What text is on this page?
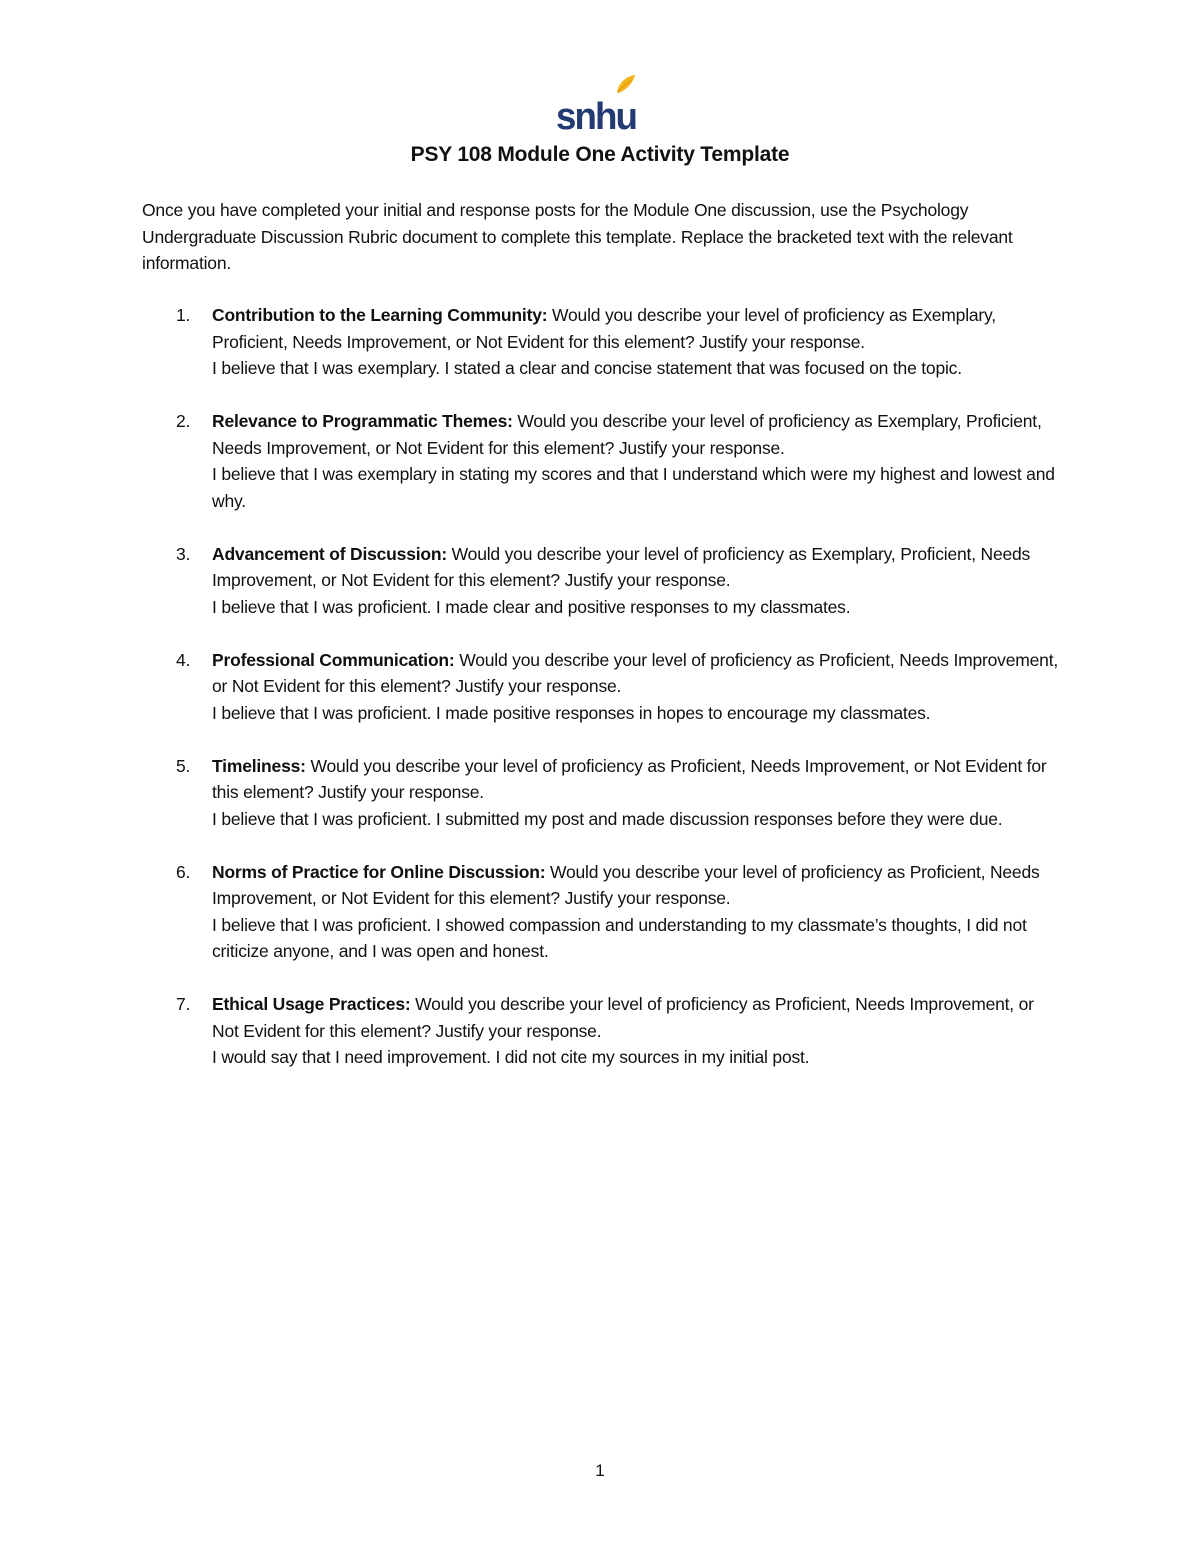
snhu
PSY 108 Module One Activity Template
Once you have completed your initial and response posts for the Module One discussion, use the Psychology Undergraduate Discussion Rubric document to complete this template. Replace the bracketed text with the relevant information.
1.	Contribution to the Learning Community: Would you describe your level of proficiency as Exemplary, Proficient, Needs Improvement, or Not Evident for this element? Justify your response.
I believe that I was exemplary. I stated a clear and concise statement that was focused on the topic.
2.	Relevance to Programmatic Themes: Would you describe your level of proficiency as Exemplary, Proficient, Needs Improvement, or Not Evident for this element? Justify your response.
I believe that I was exemplary in stating my scores and that I understand which were my highest and lowest and why.
3.	Advancement of Discussion: Would you describe your level of proficiency as Exemplary, Proficient, Needs Improvement, or Not Evident for this element? Justify your response.
I believe that I was proficient. I made clear and positive responses to my classmates.
4.	Professional Communication: Would you describe your level of proficiency as Proficient, Needs Improvement, or Not Evident for this element? Justify your response.
I believe that I was proficient. I made positive responses in hopes to encourage my classmates.
5.	Timeliness: Would you describe your level of proficiency as Proficient, Needs Improvement, or Not Evident for this element? Justify your response.
I believe that I was proficient. I submitted my post and made discussion responses before they were due.
6.	Norms of Practice for Online Discussion: Would you describe your level of proficiency as Proficient, Needs Improvement, or Not Evident for this element? Justify your response.
I believe that I was proficient. I showed compassion and understanding to my classmate’s thoughts, I did not criticize anyone, and I was open and honest.
7.	Ethical Usage Practices: Would you describe your level of proficiency as Proficient, Needs Improvement, or Not Evident for this element? Justify your response.
I would say that I need improvement. I did not cite my sources in my initial post.
1
